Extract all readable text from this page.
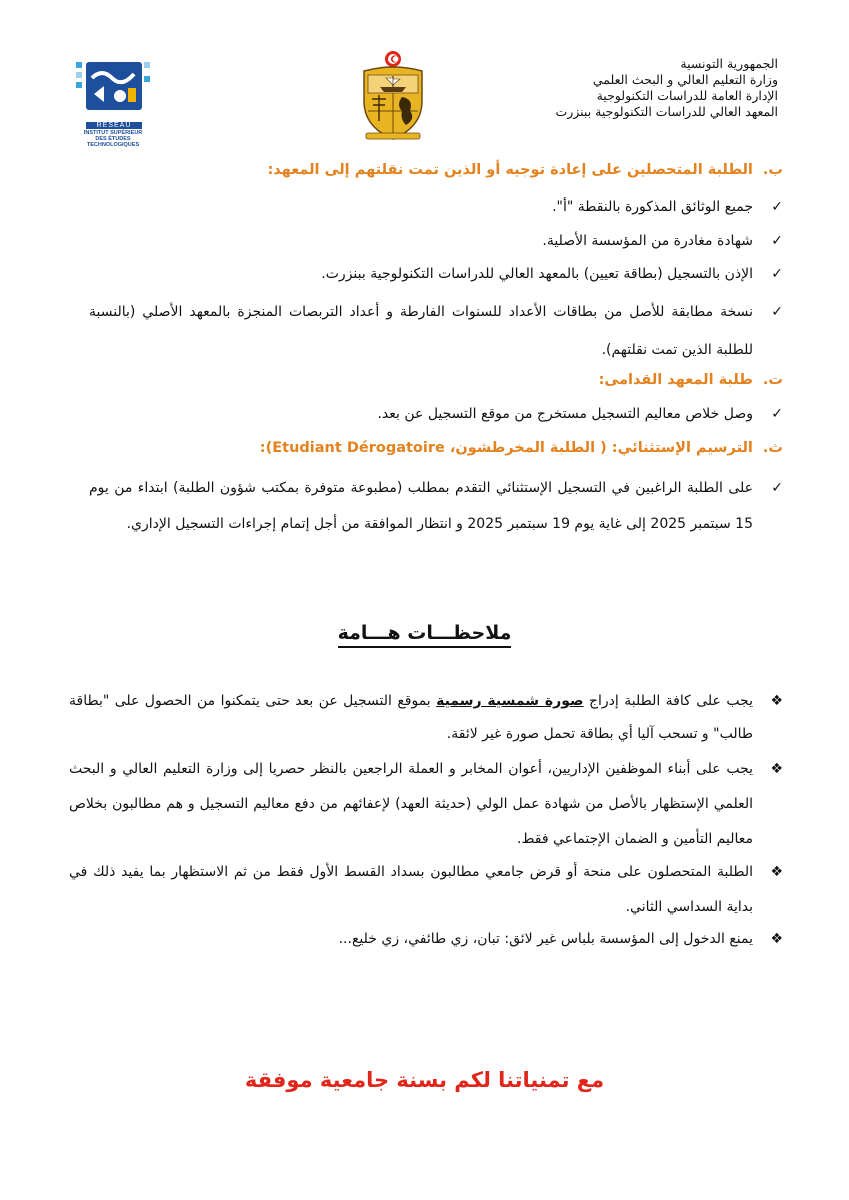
الجمهورية التونسية
وزارة التعليم العالي و البحث العلمي
الإدارة العامة للدراسات التكنولوجية
المعهد العالي للدراسات التكنولوجية ببنزرت
RESEAU
INSTITUT SUPÉRIEUR
DES ÉTUDES
TECHNOLOGIQUES
ب.الطلبة المتحصلين على إعادة توجيه أو الذين تمت نقلتهم إلى المعهد:
✓
جميع الوثائق المذكورة بالنقطة "أ".
✓
شهادة مغادرة من المؤسسة الأصلية.
✓
الإذن بالتسجيل (بطاقة تعيين) بالمعهد العالي للدراسات التكنولوجية ببنزرت.
✓
نسخة مطابقة للأصل من بطاقات الأعداد للسنوات الفارطة و أعداد التربصات المنجزة بالمعهد الأصلي (بالنسبة للطلبة الذين تمت نقلتهم).
ت.طلبة المعهد القدامى:
✓
وصل خلاص معاليم التسجيل مستخرج من موقع التسجيل عن بعد.
ث.الترسيم الإستثنائي: ( الطلبة المخرطشون، Etudiant Dérogatoire):
✓
على الطلبة الراغبين في التسجيل الإستثنائي التقدم بمطلب (مطبوعة متوفرة بمكتب شؤون الطلبة) ابتداء من يوم 15 سبتمبر 2025 إلى غاية يوم 19 سبتمبر 2025 و انتظار الموافقة من أجل إتمام إجراءات التسجيل الإداري.
ملاحظـــات هـــامة
❖
يجب على كافة الطلبة إدراج صورة شمسية رسمية بموقع التسجيل عن بعد حتى يتمكنوا من الحصول على "بطاقة طالب" و تسحب آليا أي بطاقة تحمل صورة غير لائقة.
❖
يجب على أبناء الموظفين الإداريين، أعوان المخابر و العملة الراجعين بالنظر حصريا إلى وزارة التعليم العالي و البحث العلمي الإستظهار بالأصل من شهادة عمل الولي (حديثة العهد) لإعفائهم من دفع معاليم التسجيل و هم مطالبون بخلاص معاليم التأمين و الضمان الإجتماعي فقط.
❖
الطلبة المتحصلون على منحة أو قرض جامعي مطالبون بسداد القسط الأول فقط من ثم الاستظهار بما يفيد ذلك في بداية السداسي الثاني.
❖
يمنع الدخول إلى المؤسسة بلباس غير لائق: تبان، زي طائفي، زي خليع...
مع تمنياتنا لكم بسنة جامعية موفقة
